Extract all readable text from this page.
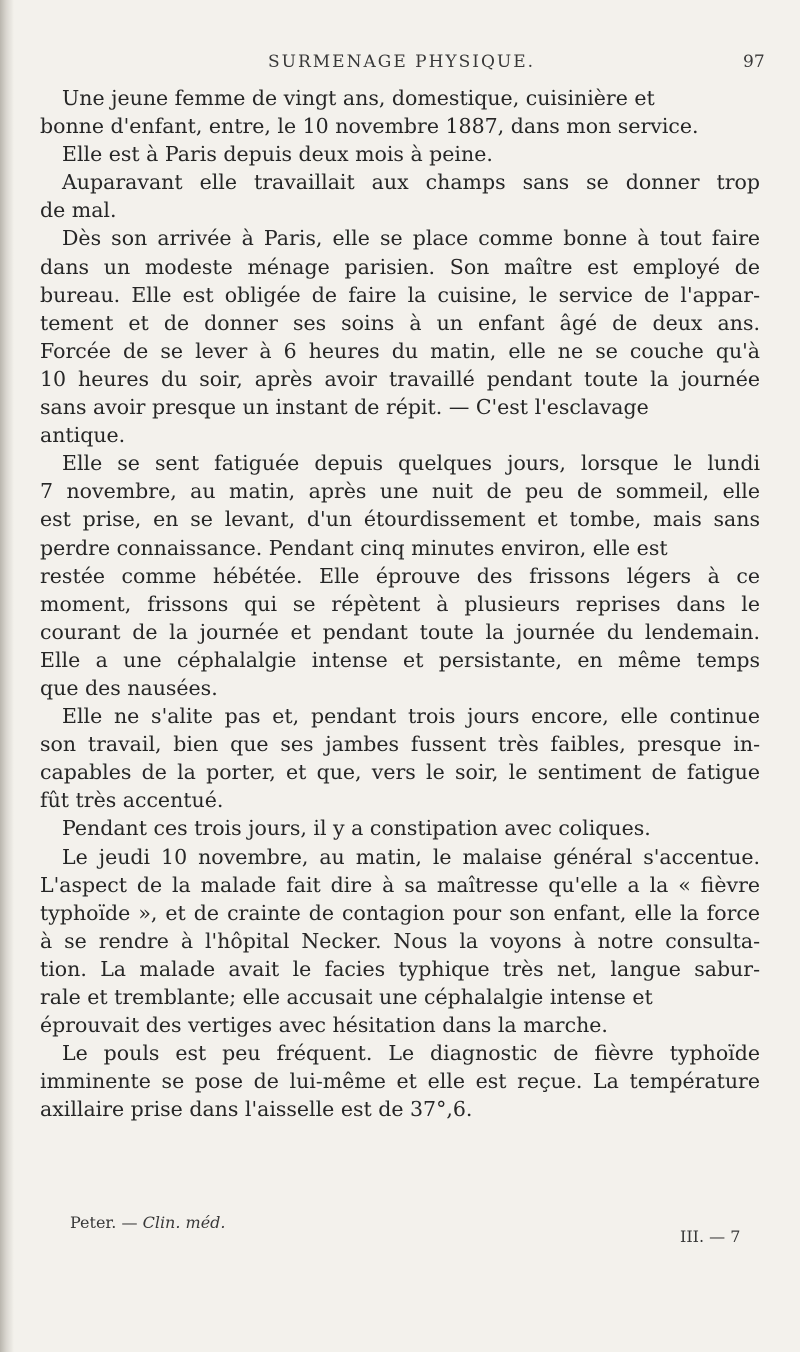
SURMENAGE PHYSIQUE.	97
Une jeune femme de vingt ans, domestique, cuisinière et
bonne d'enfant, entre, le 10 novembre 1887, dans mon service.
Elle est à Paris depuis deux mois à peine.
Auparavant elle travaillait aux champs sans se donner trop
de mal.
Dès son arrivée à Paris, elle se place comme bonne à tout faire
dans un modeste ménage parisien. Son maître est employé de
bureau. Elle est obligée de faire la cuisine, le service de l'appar-
tement et de donner ses soins à un enfant âgé de deux ans.
Forcée de se lever à 6 heures du matin, elle ne se couche qu'à
10 heures du soir, après avoir travaillé pendant toute la journée
sans avoir presque un instant de répit. — C'est l'esclavage
antique.
Elle se sent fatiguée depuis quelques jours, lorsque le lundi
7 novembre, au matin, après une nuit de peu de sommeil, elle
est prise, en se levant, d'un étourdissement et tombe, mais sans
perdre connaissance. Pendant cinq minutes environ, elle est
restée comme hébétée. Elle éprouve des frissons légers à ce
moment, frissons qui se répètent à plusieurs reprises dans le
courant de la journée et pendant toute la journée du lendemain.
Elle a une céphalalgie intense et persistante, en même temps
que des nausées.
Elle ne s'alite pas et, pendant trois jours encore, elle continue
son travail, bien que ses jambes fussent très faibles, presque in-
capables de la porter, et que, vers le soir, le sentiment de fatigue
fût très accentué.
Pendant ces trois jours, il y a constipation avec coliques.
Le jeudi 10 novembre, au matin, le malaise général s'accentue.
L'aspect de la malade fait dire à sa maîtresse qu'elle a la « fièvre
typhoïde », et de crainte de contagion pour son enfant, elle la force
à se rendre à l'hôpital Necker. Nous la voyons à notre consulta-
tion. La malade avait le facies typhique très net, langue sabur-
rale et tremblante; elle accusait une céphalalgie intense et
éprouvait des vertiges avec hésitation dans la marche.
Le pouls est peu fréquent. Le diagnostic de fièvre typhoïde
imminente se pose de lui-même et elle est reçue. La température
axillaire prise dans l'aisselle est de 37°,6.
Peter. — Clin. méd.
III. — 7
